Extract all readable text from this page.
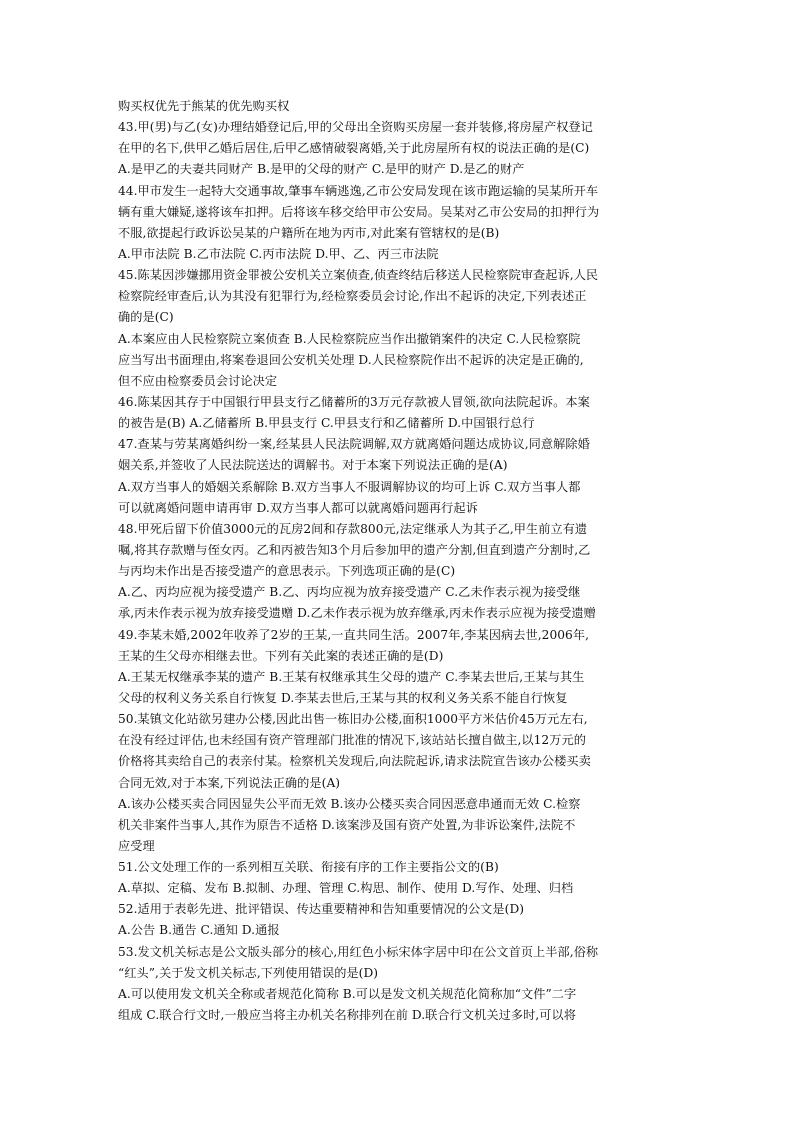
购买权优先于熊某的优先购买权
43.甲(男)与乙(女)办理结婚登记后,甲的父母出全资购买房屋一套并装修,将房屋产权登记
在甲的名下,供甲乙婚后居住,后甲乙感情破裂离婚,关于此房屋所有权的说法正确的是(C)
A.是甲乙的夫妻共同财产 B.是甲的父母的财产 C.是甲的财产 D.是乙的财产
44.甲市发生一起特大交通事故,肇事车辆逃逸,乙市公安局发现在该市跑运输的吴某所开车
辆有重大嫌疑,遂将该车扣押。后将该车移交给甲市公安局。吴某对乙市公安局的扣押行为
不服,欲提起行政诉讼吴某的户籍所在地为丙市,对此案有管辖权的是(B)
A.甲市法院 B.乙市法院 C.丙市法院 D.甲、乙、丙三市法院
45.陈某因涉嫌挪用资金罪被公安机关立案侦查,侦查终结后移送人民检察院审查起诉,人民
检察院经审查后,认为其没有犯罪行为,经检察委员会讨论,作出不起诉的决定,下列表述正
确的是(C)
A.本案应由人民检察院立案侦查 B.人民检察院应当作出撤销案件的决定 C.人民检察院
应当写出书面理由,将案卷退回公安机关处理 D.人民检察院作出不起诉的决定是正确的,
但不应由检察委员会讨论决定
46.陈某因其存于中国银行甲县支行乙储蓄所的3万元存款被人冒领,欲向法院起诉。本案
的被告是(B) A.乙储蓄所 B.甲县支行 C.甲县支行和乙储蓄所 D.中国银行总行
47.查某与劳某离婚纠纷一案,经某县人民法院调解,双方就离婚问题达成协议,同意解除婚
姻关系,并签收了人民法院送达的调解书。对于本案下列说法正确的是(A)
A.双方当事人的婚姻关系解除 B.双方当事人不服调解协议的均可上诉 C.双方当事人都
可以就离婚问题申请再审 D.双方当事人都可以就离婚问题再行起诉
48.甲死后留下价值3000元的瓦房2间和存款800元,法定继承人为其子乙,甲生前立有遗
嘱,将其存款赠与侄女丙。乙和丙被告知3个月后参加甲的遗产分割,但直到遗产分割时,乙
与丙均未作出是否接受遗产的意思表示。下列选项正确的是(C)
A.乙、丙均应视为接受遗产 B.乙、丙均应视为放弃接受遗产 C.乙未作表示视为接受继
承,丙未作表示视为放弃接受遗赠 D.乙未作表示视为放弃继承,丙未作表示应视为接受遗赠
49.李某未婚,2002年收养了2岁的王某,一直共同生活。2007年,李某因病去世,2006年,
王某的生父母亦相继去世。下列有关此案的表述正确的是(D)
A.王某无权继承李某的遗产 B.王某有权继承其生父母的遗产 C.李某去世后,王某与其生
父母的权利义务关系自行恢复 D.李某去世后,王某与其的权利义务关系不能自行恢复
50.某镇文化站欲另建办公楼,因此出售一栋旧办公楼,面积1000平方米估价45万元左右,
在没有经过评估,也未经国有资产管理部门批准的情况下,该站站长擅自做主,以12万元的
价格将其卖给自己的表亲付某。检察机关发现后,向法院起诉,请求法院宣告该办公楼买卖
合同无效,对于本案,下列说法正确的是(A)
A.该办公楼买卖合同因显失公平而无效 B.该办公楼买卖合同因恶意串通而无效 C.检察
机关非案件当事人,其作为原告不适格 D.该案涉及国有资产处置,为非诉讼案件,法院不
应受理
51.公文处理工作的一系列相互关联、衔接有序的工作主要指公文的(B)
A.草拟、定稿、发布 B.拟制、办理、管理 C.构思、制作、使用 D.写作、处理、归档
52.适用于表彰先进、批评错误、传达重要精神和告知重要情况的公文是(D)
A.公告 B.通告 C.通知 D.通报
53.发文机关标志是公文版头部分的核心,用红色小标宋体字居中印在公文首页上半部,俗称
“红头”,关于发文机关标志,下列使用错误的是(D)
A.可以使用发文机关全称或者规范化简称 B.可以是发文机关规范化简称加“文件”二字
组成 C.联合行文时,一般应当将主办机关名称排列在前 D.联合行文机关过多时,可以将
